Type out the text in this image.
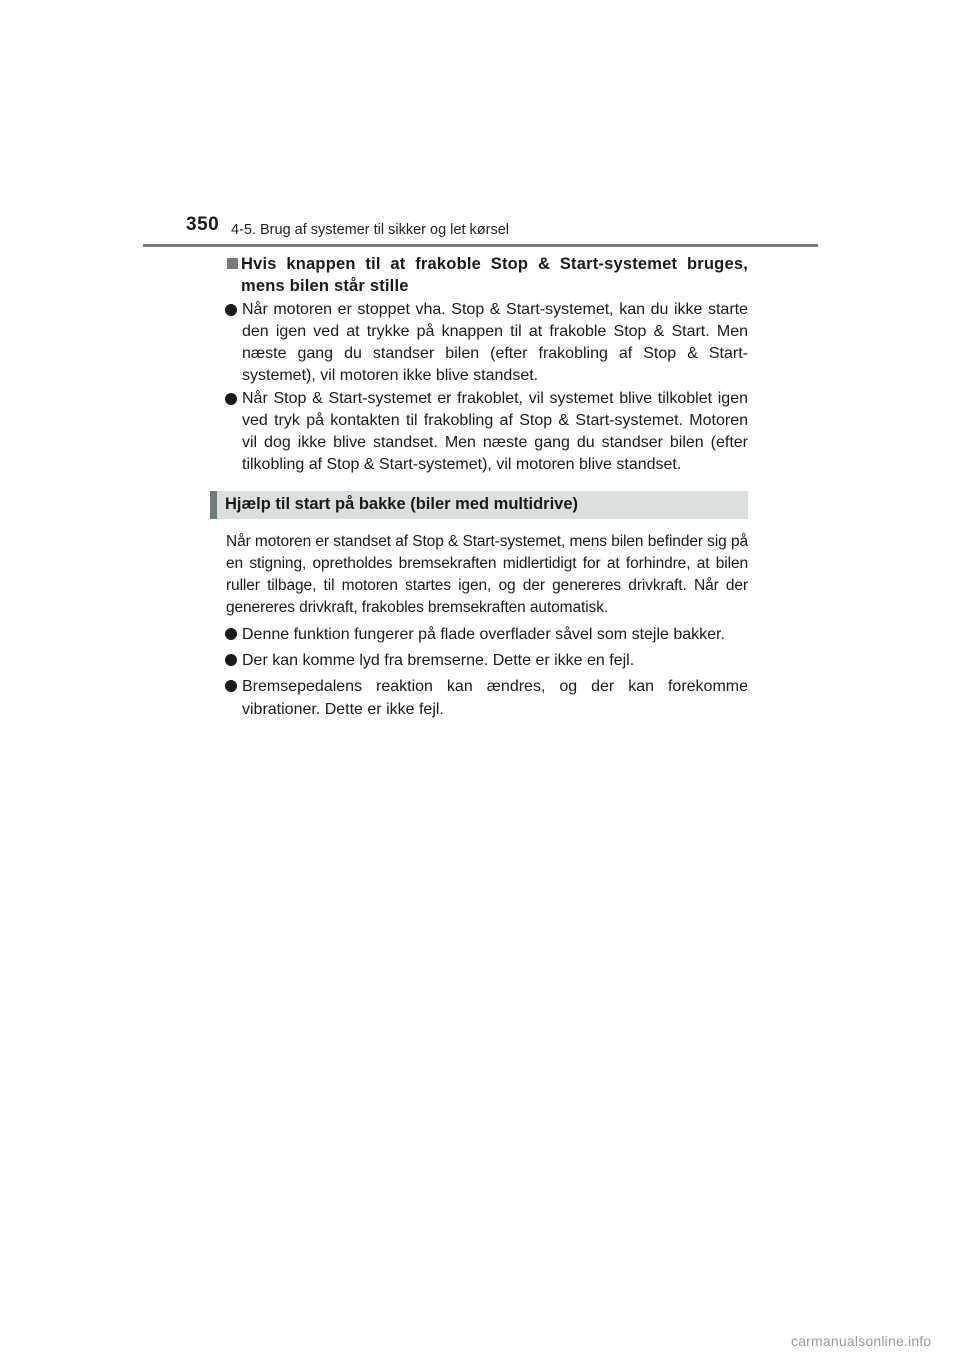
350 4-5. Brug af systemer til sikker og let kørsel
Hvis knappen til at frakoble Stop & Start-systemet bruges, mens bilen står stille
Når motoren er stoppet vha. Stop & Start-systemet, kan du ikke starte den igen ved at trykke på knappen til at frakoble Stop & Start. Men næste gang du standser bilen (efter frakobling af Stop & Start-systemet), vil motoren ikke blive standset.
Når Stop & Start-systemet er frakoblet, vil systemet blive tilkoblet igen ved tryk på kontakten til frakobling af Stop & Start-systemet. Motoren vil dog ikke blive standset. Men næste gang du standser bilen (efter tilkobling af Stop & Start-systemet), vil motoren blive standset.
Hjælp til start på bakke (biler med multidrive)
Når motoren er standset af Stop & Start-systemet, mens bilen befinder sig på en stigning, opretholdes bremsekraften midlertidigt for at forhindre, at bilen ruller tilbage, til motoren startes igen, og der genereres drivkraft. Når der genereres drivkraft, frakobles bremsekraften automatisk.
Denne funktion fungerer på flade overflader såvel som stejle bakker.
Der kan komme lyd fra bremserne. Dette er ikke en fejl.
Bremsepedalens reaktion kan ændres, og der kan forekomme vibrationer. Dette er ikke fejl.
carmanualsonline.info
